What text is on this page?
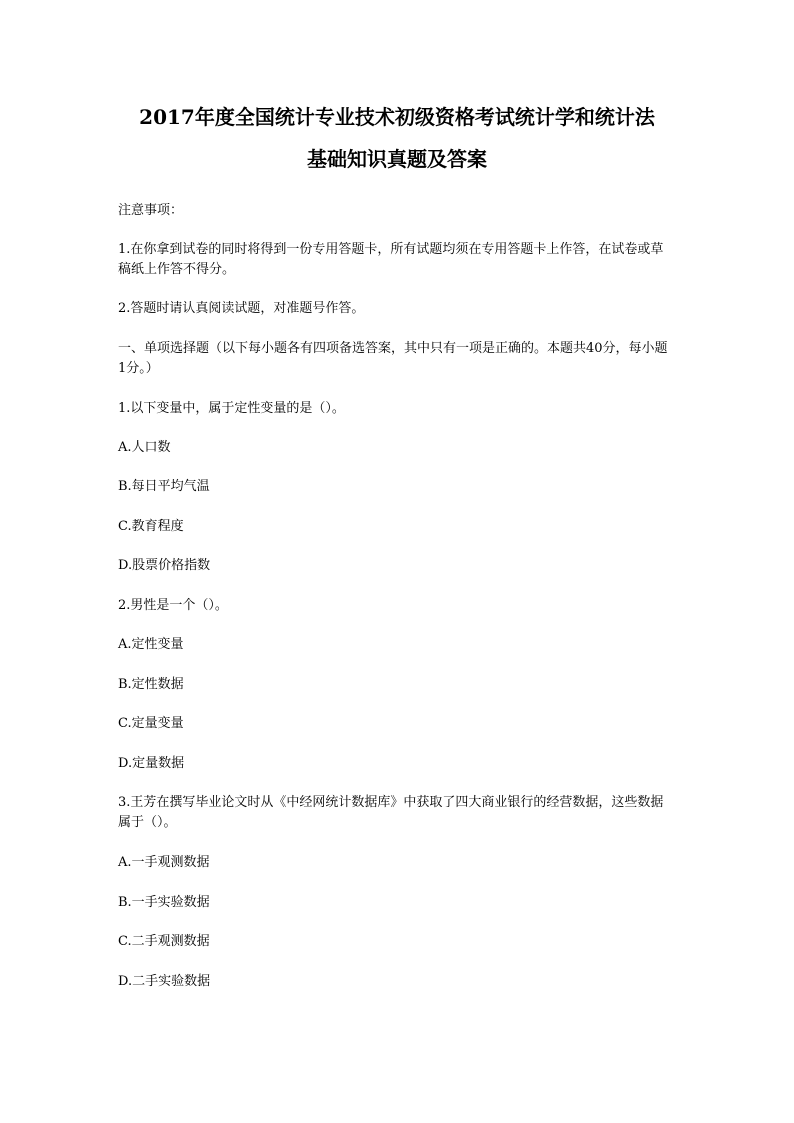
2017年度全国统计专业技术初级资格考试统计学和统计法
基础知识真题及答案

注意事项：

1.在你拿到试卷的同时将得到一份专用答题卡，所有试题均须在专用答题卡上作答，在试卷或草稿纸上作答不得分。

2.答题时请认真阅读试题，对准题号作答。

一、单项选择题（以下每小题各有四项备选答案，其中只有一项是正确的。本题共40分，每小题1分。）

1.以下变量中，属于定性变量的是（）。

A.人口数

B.每日平均气温

C.教育程度

D.股票价格指数

2.男性是一个（）。

A.定性变量

B.定性数据

C.定量变量

D.定量数据

3.王芳在撰写毕业论文时从《中经网统计数据库》中获取了四大商业银行的经营数据，这些数据属于（）。

A.一手观测数据

B.一手实验数据

C.二手观测数据

D.二手实验数据
